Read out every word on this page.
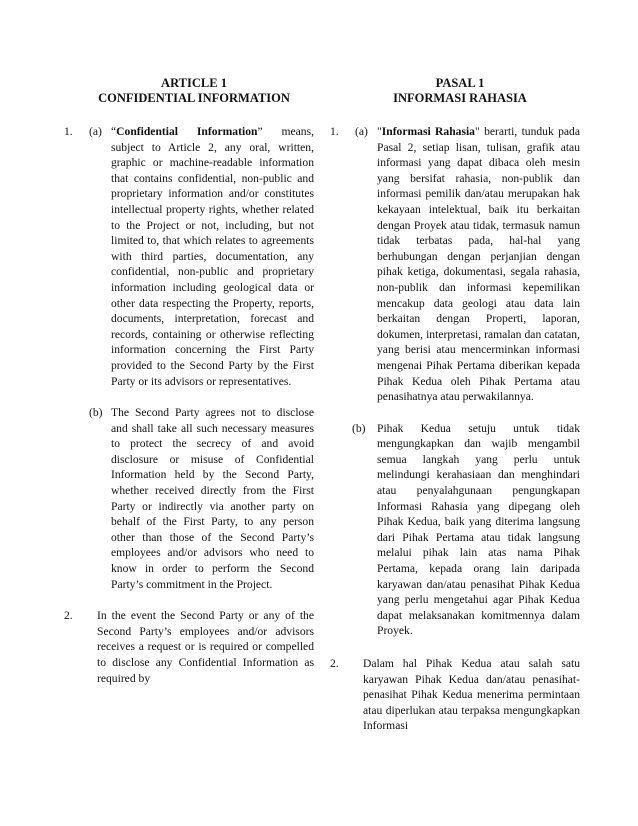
ARTICLE 1
CONFIDENTIAL INFORMATION
1. (a) “Confidential Information” means, subject to Article 2, any oral, written, graphic or machine-readable information that contains confidential, non-public and proprietary information and/or constitutes intellectual property rights, whether related to the Project or not, including, but not limited to, that which relates to agreements with third parties, documentation, any confidential, non-public and proprietary information including geological data or other data respecting the Property, reports, documents, interpretation, forecast and records, containing or otherwise reflecting information concerning the First Party provided to the Second Party by the First Party or its advisors or representatives.
(b) The Second Party agrees not to disclose and shall take all such necessary measures to protect the secrecy of and avoid disclosure or misuse of Confidential Information held by the Second Party, whether received directly from the First Party or indirectly via another party on behalf of the First Party, to any person other than those of the Second Party’s employees and/or advisors who need to know in order to perform the Second Party’s commitment in the Project.
2.	In the event the Second Party or any of the Second Party’s employees and/or advisors receives a request or is required or compelled to disclose any Confidential Information as required by
PASAL 1
INFORMASI RAHASIA
1. (a) "Informasi Rahasia" berarti, tunduk pada Pasal 2, setiap lisan, tulisan, grafik atau informasi yang dapat dibaca oleh mesin yang bersifat rahasia, non-publik dan informasi pemilik dan/atau merupakan hak kekayaan intelektual, baik itu berkaitan dengan Proyek atau tidak, termasuk namun tidak terbatas pada, hal-hal yang berhubungan dengan perjanjian dengan pihak ketiga, dokumentasi, segala rahasia, non-publik dan informasi kepemilikan mencakup data geologi atau data lain berkaitan dengan Properti, laporan, dokumen, interpretasi, ramalan dan catatan, yang berisi atau mencerminkan informasi mengenai Pihak Pertama diberikan kepada Pihak Kedua oleh Pihak Pertama atau penasihatnya atau perwakilannya.
(b) Pihak Kedua setuju untuk tidak mengungkapkan dan wajib mengambil semua langkah yang perlu untuk melindungi kerahasiaan dan menghindari atau penyalahgunaan pengungkapan Informasi Rahasia yang dipegang oleh Pihak Kedua, baik yang diterima langsung dari Pihak Pertama atau tidak langsung melalui pihak lain atas nama Pihak Pertama, kepada orang lain daripada karyawan dan/atau penasihat Pihak Kedua yang perlu mengetahui agar Pihak Kedua dapat melaksanakan komitmennya dalam Proyek.
2.	Dalam hal Pihak Kedua atau salah satu karyawan Pihak Kedua dan/atau penasihat-penasihat Pihak Kedua menerima permintaan atau diperlukan atau terpaksa mengungkapkan Informasi
